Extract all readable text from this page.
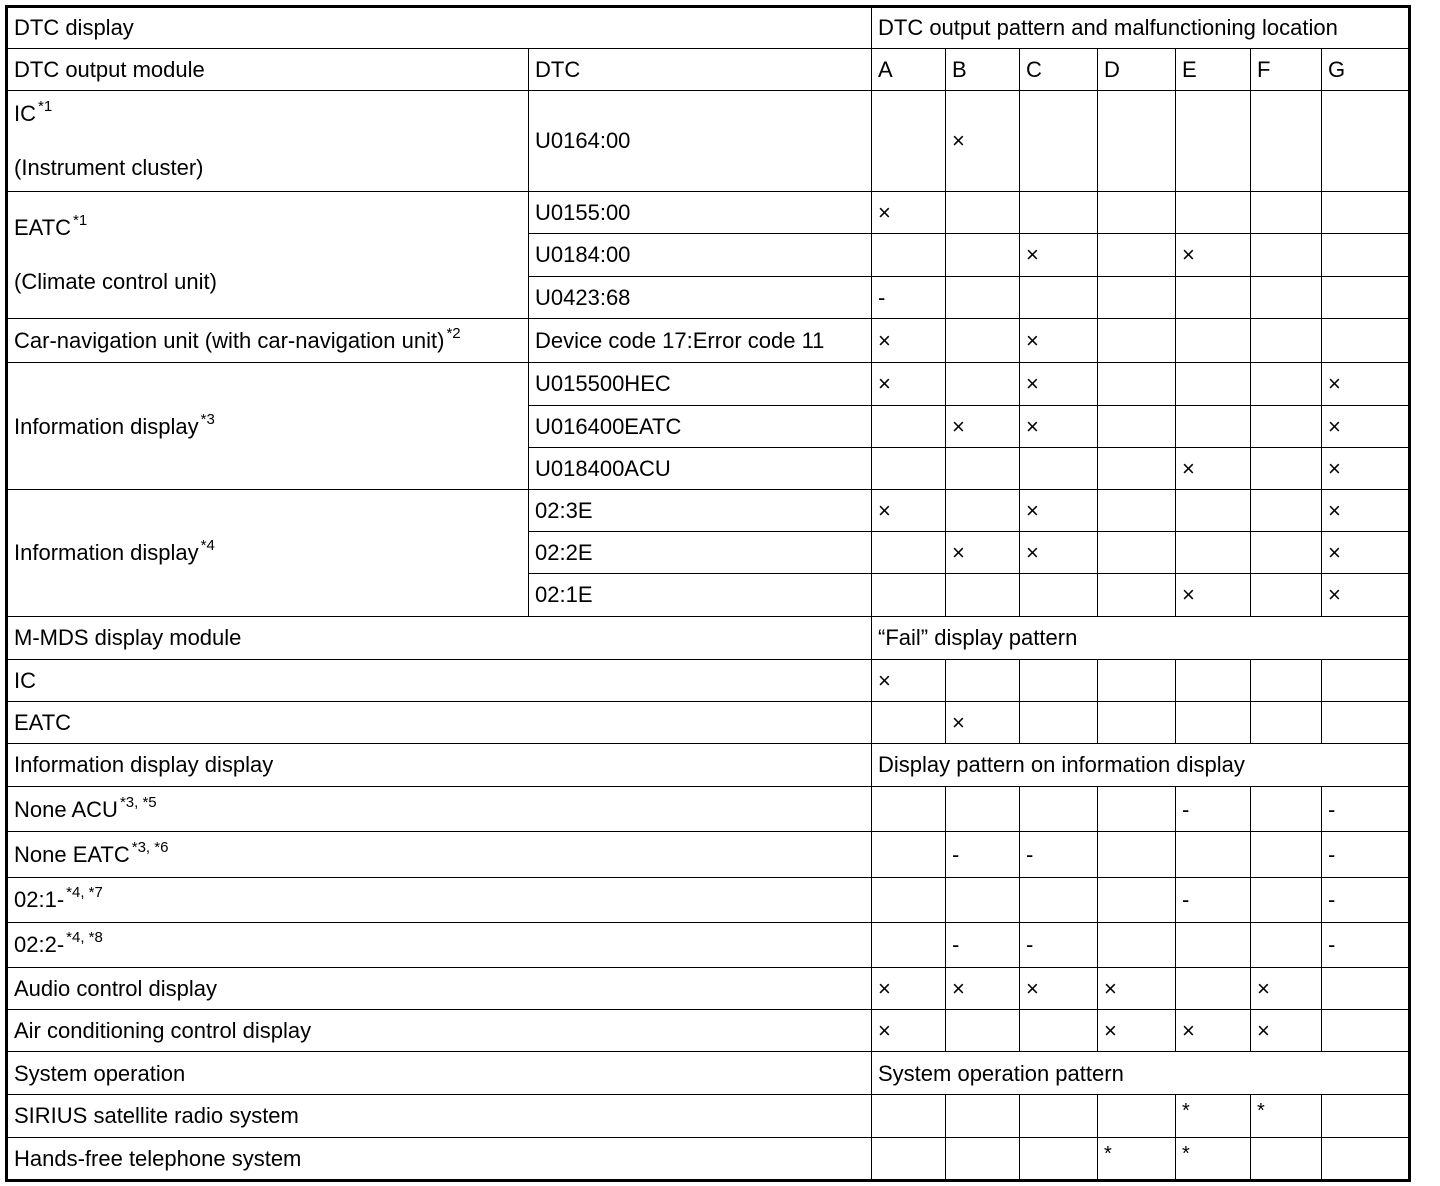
DTC display		DTC output pattern and malfunctioning location						
DTC output module	DTC	A	B	C	D	E	F	G

IC $^{*1}$
(Instrument cluster)	U0164:00		×					

EATC $^{*1}$
(Climate control unit)	U0155:00	×						
	U0184:00			×		×		
	U0423:68	-						
Car-navigation unit (with car-navigation unit) $^{*2}$	Device code 17:Error code 11	×		×				
Information display $^{*3}$	U015500HEC	×		×				×
	U016400EATC		×	×				×
	U018400ACU					×		×
Information display $^{*4}$	02:3E	×		×				×
	02:2E		×	×				×
	02:1E					×		×
M-MDS display module		“Fail” display pattern						
IC		×						
EATC			×					
Information display display		Display pattern on information display						
None ACU $^{*3, *5}$						-		-
None EATC $^{*3, *6}$			-	-				-
02:1- $^{*4, *7}$						-		-
02:2- $^{*4, *8}$			-	-				-
Audio control display		×	×	×	×		×	
Air conditioning control display		×			×	×	×	
System operation		System operation pattern						
SIRIUS satellite radio system						*	*	
Hands-free telephone system					*	*		
